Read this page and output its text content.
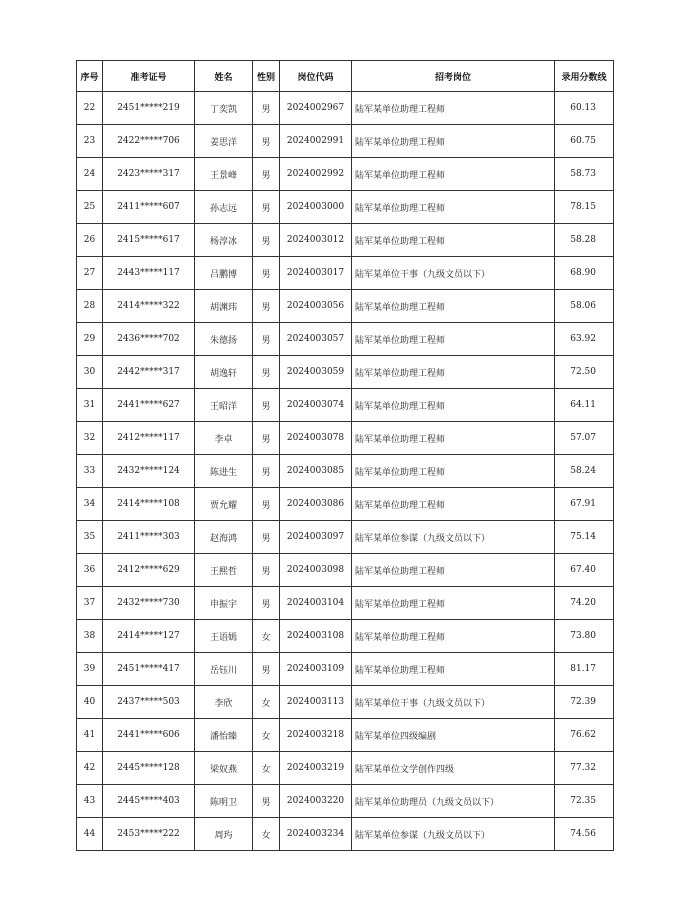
序号	准考证号	姓名	性别	岗位代码	招考岗位	录用分数线
22	2451*****219	丁奕凯	男	2024002967	陆军某单位助理工程师	60.13
23	2422*****706	姜思洋	男	2024002991	陆军某单位助理工程师	60.75
24	2423*****317	王景峰	男	2024002992	陆军某单位助理工程师	58.73
25	2411*****607	孙志远	男	2024003000	陆军某单位助理工程师	78.15
26	2415*****617	杨淳冰	男	2024003012	陆军某单位助理工程师	58.28
27	2443*****117	吕鹏博	男	2024003017	陆军某单位干事（九级文员以下）	68.90
28	2414*****322	胡渊玮	男	2024003056	陆军某单位助理工程师	58.06
29	2436*****702	朱德扬	男	2024003057	陆军某单位助理工程师	63.92
30	2442*****317	胡逸轩	男	2024003059	陆军某单位助理工程师	72.50
31	2441*****627	王昭洋	男	2024003074	陆军某单位助理工程师	64.11
32	2412*****117	李卓	男	2024003078	陆军某单位助理工程师	57.07
33	2432*****124	陈进生	男	2024003085	陆军某单位助理工程师	58.24
34	2414*****108	贾允耀	男	2024003086	陆军某单位助理工程师	67.91
35	2411*****303	赵海鸿	男	2024003097	陆军某单位参谋（九级文员以下）	75.14
36	2412*****629	王熙哲	男	2024003098	陆军某单位助理工程师	67.40
37	2432*****730	申振宇	男	2024003104	陆军某单位助理工程师	74.20
38	2414*****127	王语嫣	女	2024003108	陆军某单位助理工程师	73.80
39	2451*****417	岳钰川	男	2024003109	陆军某单位助理工程师	81.17
40	2437*****503	李欣	女	2024003113	陆军某单位干事（九级文员以下）	72.39
41	2441*****606	潘怡臻	女	2024003218	陆军某单位四级编剧	76.62
42	2445*****128	梁奴燕	女	2024003219	陆军某单位文学创作四级	77.32
43	2445*****403	陈明卫	男	2024003220	陆军某单位助理员（九级文员以下）	72.35
44	2453*****222	周玙	女	2024003234	陆军某单位参谋（九级文员以下）	74.56
